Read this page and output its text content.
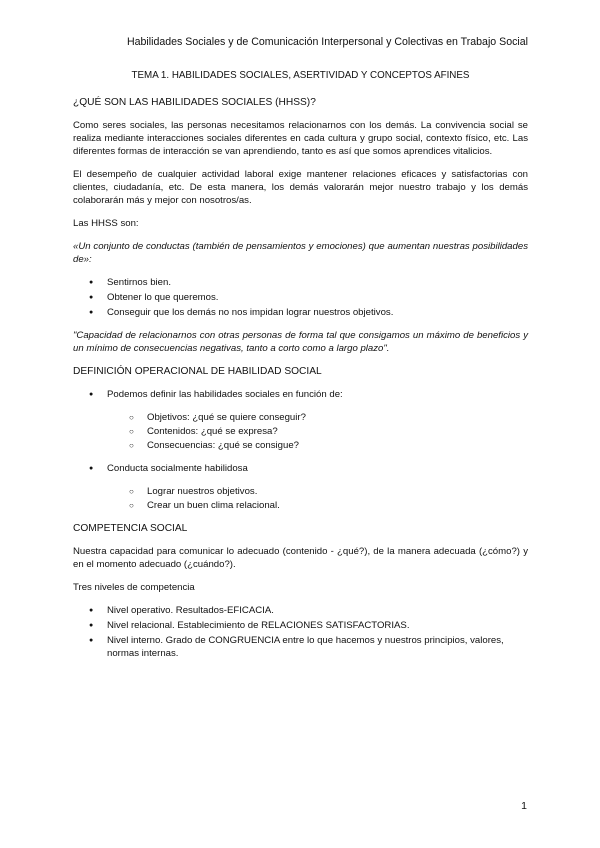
Habilidades Sociales y de Comunicación Interpersonal y Colectivas en Trabajo Social
TEMA 1. HABILIDADES SOCIALES, ASERTIVIDAD Y CONCEPTOS AFINES
¿QUÉ SON LAS HABILIDADES SOCIALES (HHSS)?

Como seres sociales, las personas necesitamos relacionarnos con los demás. La convivencia social se realiza mediante interacciones sociales diferentes en cada cultura y grupo social, contexto físico, etc. Las diferentes formas de interacción se van aprendiendo, tanto es así que somos aprendices vitalicios.

El desempeño de cualquier actividad laboral exige mantener relaciones eficaces y satisfactorias con clientes, ciudadanía, etc. De esta manera, los demás valorarán mejor nuestro trabajo y los demás colaborarán más y mejor con nosotros/as.

Las HHSS son:

«Un conjunto de conductas (también de pensamientos y emociones) que aumentan nuestras posibilidades de»:

● Sentirnos bien.
● Obtener lo que queremos.
● Conseguir que los demás no nos impidan lograr nuestros objetivos.

"Capacidad de relacionarnos con otras personas de forma tal que consigamos un máximo de beneficios y un mínimo de consecuencias negativas, tanto a corto como a largo plazo".

DEFINICIÓN OPERACIONAL DE HABILIDAD SOCIAL
● Podemos definir las habilidades sociales en función de:
○ Objetivos: ¿qué se quiere conseguir?
○ Contenidos: ¿qué se expresa?
○ Consecuencias: ¿qué se consigue?
● Conducta socialmente habilidosa
○ Lograr nuestros objetivos.
○ Crear un buen clima relacional.
COMPETENCIA SOCIAL

Nuestra capacidad para comunicar lo adecuado (contenido - ¿qué?), de la manera adecuada (¿cómo?) y en el momento adecuado (¿cuándo?).

Tres niveles de competencia

● Nivel operativo. Resultados-EFICACIA.
● Nivel relacional. Establecimiento de RELACIONES SATISFACTORIAS.
● Nivel interno. Grado de CONGRUENCIA entre lo que hacemos y nuestros principios, valores, normas internas.
1
